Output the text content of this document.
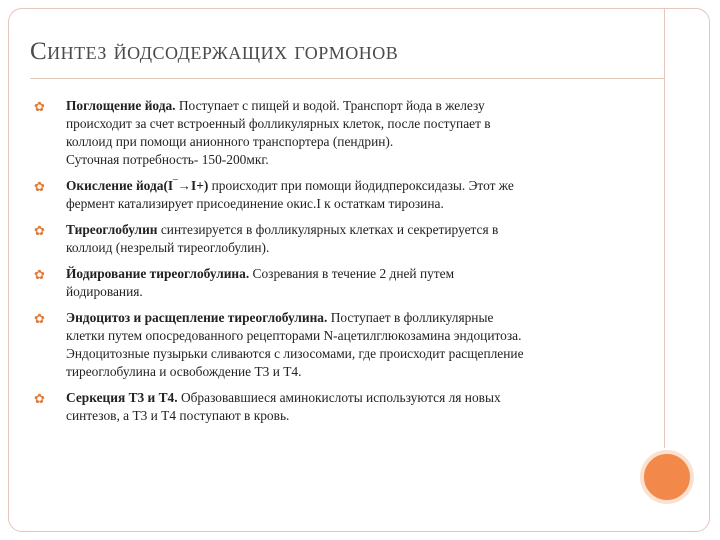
Синтез йодсодержащих гормонов
✿ Поглощение йода. Поступает с пищей и водой. Транспорт йода в железу
происходит за счет встроенный фолликулярных клеток, после поступает в
коллоид при помощи анионного транспортера (пендрин).
Суточная потребность- 150-200мкг.
✿ Окисление йода(I‾→I+) происходит при помощи йодидпероксидазы. Этот же
фермент катализирует присоединение окис.I к остаткам тирозина.
✿ Тиреоглобулин синтезируется в фолликулярных клетках и секретируется в
коллоид (незрелый тиреоглобулин).
✿ Йодирование тиреоглобулина. Созревания в течение 2 дней путем
йодирования.
✿ Эндоцитоз и расщепление тиреоглобулина. Поступает в фолликулярные
клетки путем опосредованного рецепторами N-ацетилглюкозамина эндоцитоза.
Эндоцитозные пузырьки сливаются с лизосомами, где происходит расщепление
тиреоглобулина и освобождение Т3 и Т4.
✿ Серкеция Т3 и Т4. Образовавшиеся аминокислоты используются ля новых
синтезов, а Т3 и Т4 поступают в кровь.
